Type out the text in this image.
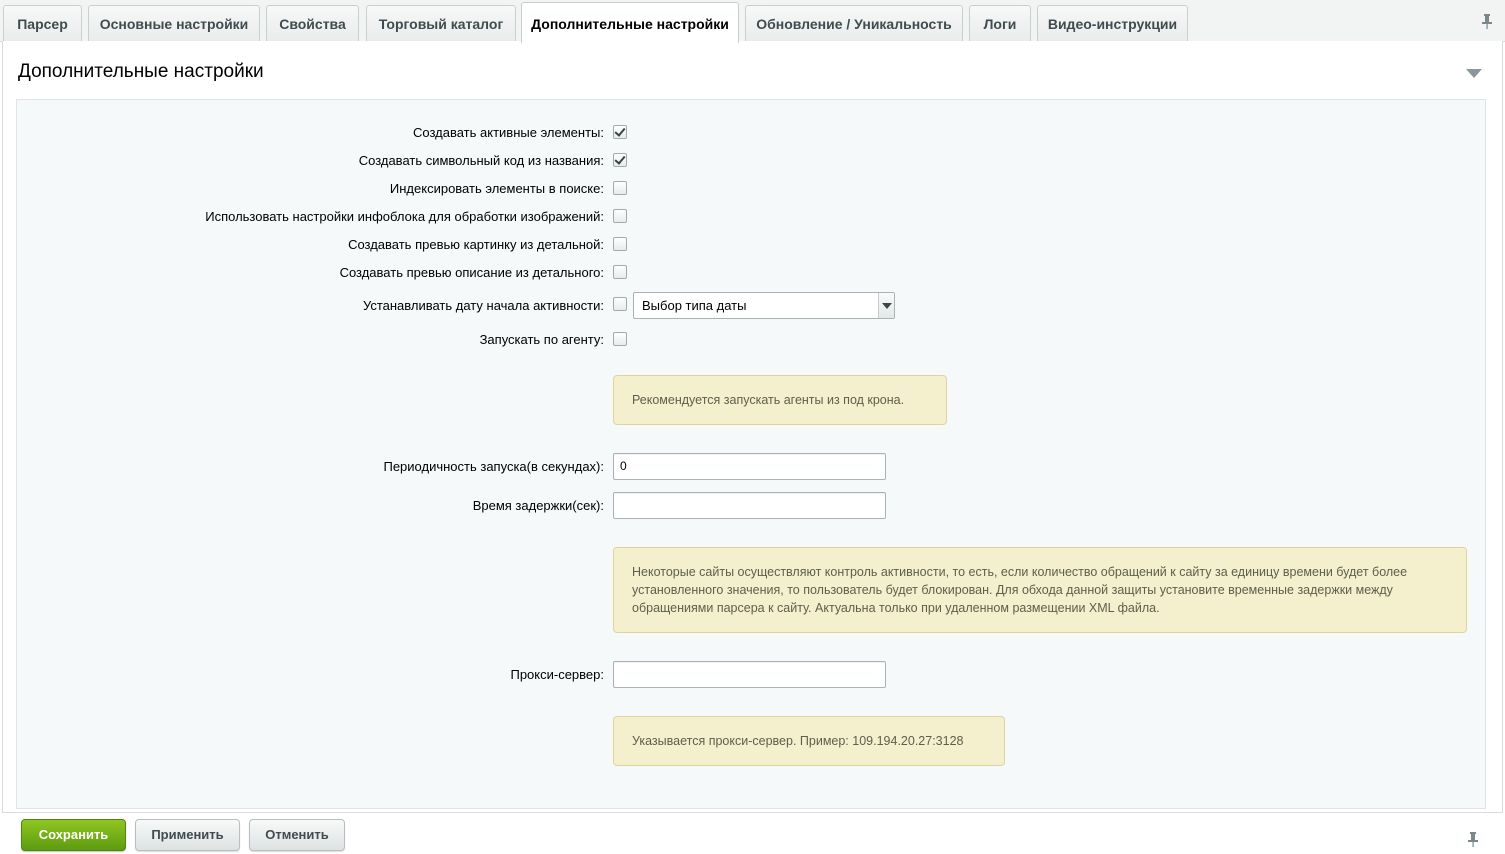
Парсер	Основные настройки	Свойства	Торговый каталог	Дополнительные настройки	Обновление / Уникальность	Логи	Видео-инструкции
Дополнительные настройки
Создавать активные элементы:
Создавать символьный код из названия:
Индексировать элементы в поиске:
Использовать настройки инфоблока для обработки изображений:
Создавать превью картинку из детальной:
Создавать превью описание из детального:
Устанавливать дату начала активности:	Выбор типа даты
Запускать по агенту:
Рекомендуется запускать агенты из под крона.
Периодичность запуска(в секундах):	0
Время задержки(сек):
Некоторые сайты осуществляют контроль активности, то есть, если количество обращений к сайту за единицу времени будет более установленного значения, то пользователь будет блокирован. Для обхода данной защиты установите временные задержки между обращениями парсера к сайту. Актуальна только при удаленном размещении XML файла.
Прокси-сервер:
Указывается прокси-сервер. Пример: 109.194.20.27:3128
Сохранить	Применить	Отменить
